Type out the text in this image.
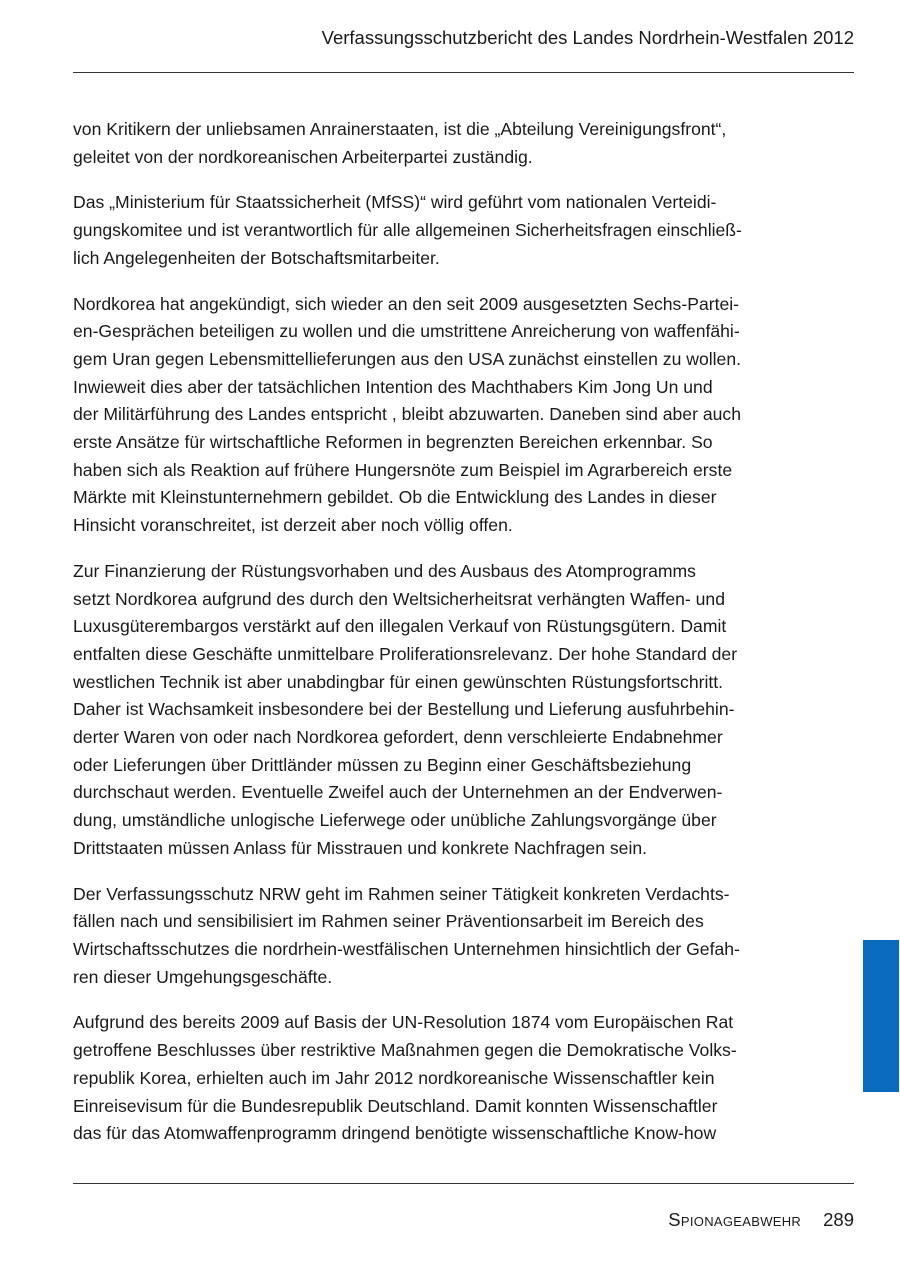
Verfassungsschutzbericht des Landes Nordrhein-Westfalen 2012

von Kritikern der unliebsamen Anrainerstaaten, ist die „Abteilung Vereinigungsfront“,
geleitet von der nordkoreanischen Arbeiterpartei zuständig.

Das „Ministerium für Staatssicherheit (MfSS)“ wird geführt vom nationalen Verteidi-
gungskomitee und ist verantwortlich für alle allgemeinen Sicherheitsfragen einschließ-
lich Angelegenheiten der Botschaftsmitarbeiter.

Nordkorea hat angekündigt, sich wieder an den seit 2009 ausgesetzten Sechs-Partei-
en-Gesprächen beteiligen zu wollen und die umstrittene Anreicherung von waffenfähi-
gem Uran gegen Lebensmittellieferungen aus den USA zunächst einstellen zu wollen.
Inwieweit dies aber der tatsächlichen Intention des Machthabers Kim Jong Un und
der Militärführung des Landes entspricht , bleibt abzuwarten. Daneben sind aber auch
erste Ansätze für wirtschaftliche Reformen in begrenzten Bereichen erkennbar. So
haben sich als Reaktion auf frühere Hungersnöte zum Beispiel im Agrarbereich erste
Märkte mit Kleinstunternehmern gebildet. Ob die Entwicklung des Landes in dieser
Hinsicht voranschreitet, ist derzeit aber noch völlig offen.

Zur Finanzierung der Rüstungsvorhaben und des Ausbaus des Atomprogramms
setzt Nordkorea aufgrund des durch den Weltsicherheitsrat verhängten Waffen- und
Luxusgüterembargos verstärkt auf den illegalen Verkauf von Rüstungsgütern. Damit
entfalten diese Geschäfte unmittelbare Proliferationsrelevanz. Der hohe Standard der
westlichen Technik ist aber unabdingbar für einen gewünschten Rüstungsfortschritt.
Daher ist Wachsamkeit insbesondere bei der Bestellung und Lieferung ausfuhrbehin-
derter Waren von oder nach Nordkorea gefordert, denn verschleierte Endabnehmer
oder Lieferungen über Drittländer müssen zu Beginn einer Geschäftsbeziehung
durchschaut werden. Eventuelle Zweifel auch der Unternehmen an der Endverwen-
dung, umständliche unlogische Lieferwege oder unübliche Zahlungsvorgänge über
Drittstaaten müssen Anlass für Misstrauen und konkrete Nachfragen sein.

Der Verfassungsschutz NRW geht im Rahmen seiner Tätigkeit konkreten Verdachts-
fällen nach und sensibilisiert im Rahmen seiner Präventionsarbeit im Bereich des
Wirtschaftsschutzes die nordrhein-westfälischen Unternehmen hinsichtlich der Gefah-
ren dieser Umgehungsgeschäfte.

Aufgrund des bereits 2009 auf Basis der UN-Resolution 1874 vom Europäischen Rat
getroffene Beschlusses über restriktive Maßnahmen gegen die Demokratische Volks-
republik Korea, erhielten auch im Jahr 2012 nordkoreanische Wissenschaftler kein
Einreisevisum für die Bundesrepublik Deutschland. Damit konnten Wissenschaftler
das für das Atomwaffenprogramm dringend benötigte wissenschaftliche Know-how

Spionageabwehr 289
